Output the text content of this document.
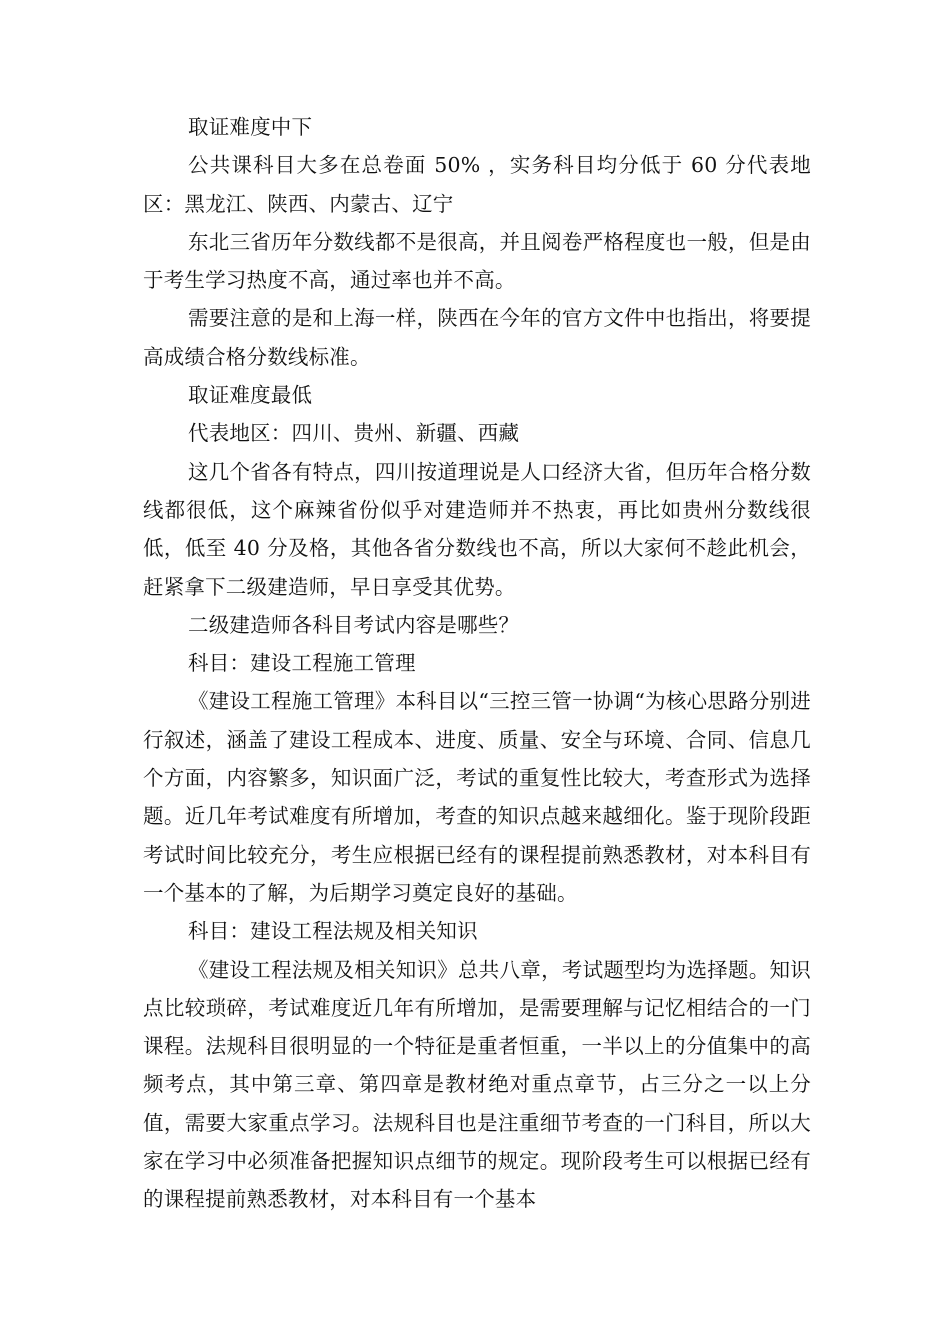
取证难度中下

公共课科目大多在总卷面 50% ，实务科目均分低于 60 分代表地区：黑龙江、陕西、内蒙古、辽宁

东北三省历年分数线都不是很高，并且阅卷严格程度也一般，但是由于考生学习热度不高，通过率也并不高。

需要注意的是和上海一样，陕西在今年的官方文件中也指出，将要提高成绩合格分数线标准。

取证难度最低

代表地区：四川、贵州、新疆、西藏

这几个省各有特点，四川按道理说是人口经济大省，但历年合格分数线都很低，这个麻辣省份似乎对建造师并不热衷，再比如贵州分数线很低，低至 40 分及格，其他各省分数线也不高，所以大家何不趁此机会，赶紧拿下二级建造师，早日享受其优势。

二级建造师各科目考试内容是哪些？

科目：建设工程施工管理

《建设工程施工管理》本科目以“三控三管一协调“为核心思路分别进行叙述，涵盖了建设工程成本、进度、质量、安全与环境、合同、信息几个方面，内容繁多，知识面广泛，考试的重复性比较大，考查形式为选择题。近几年考试难度有所增加，考查的知识点越来越细化。鉴于现阶段距考试时间比较充分，考生应根据已经有的课程提前熟悉教材，对本科目有一个基本的了解，为后期学习奠定良好的基础。

科目：建设工程法规及相关知识

《建设工程法规及相关知识》总共八章，考试题型均为选择题。知识点比较琐碎，考试难度近几年有所增加，是需要理解与记忆相结合的一门课程。法规科目很明显的一个特征是重者恒重，一半以上的分值集中的高频考点，其中第三章、第四章是教材绝对重点章节，占三分之一以上分值，需要大家重点学习。法规科目也是注重细节考查的一门科目，所以大家在学习中必须准备把握知识点细节的规定。现阶段考生可以根据已经有的课程提前熟悉教材，对本科目有一个基本
